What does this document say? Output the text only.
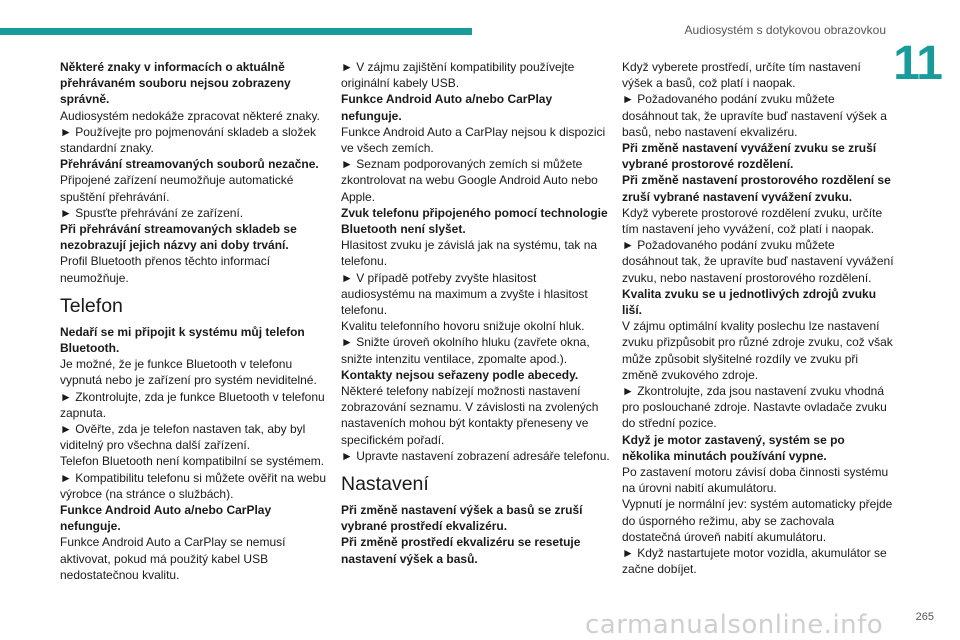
Audiosystém s dotykovou obrazovkou
11

Některé znaky v informacích o aktuálně přehrávaném souboru nejsou zobrazeny správně.

Audiosystém nedokáže zpracovat některé znaky.

► Používejte pro pojmenování skladeb a složek standardní znaky.

Přehrávání streamovaných souborů nezačne.

Připojené zařízení neumožňuje automatické spuštění přehrávání.

► Spusťte přehrávání ze zařízení.

Při přehrávání streamovaných skladeb se nezobrazují jejich názvy ani doby trvání.

Profil Bluetooth přenos těchto informací neumožňuje.

Telefon

Nedaří se mi připojit k systému můj telefon Bluetooth.

Je možné, že je funkce Bluetooth v telefonu vypnutá nebo je zařízení pro systém neviditelné.

► Zkontrolujte, zda je funkce Bluetooth v telefonu zapnuta.

► Ověřte, zda je telefon nastaven tak, aby byl viditelný pro všechna další zařízení.

Telefon Bluetooth není kompatibilní se systémem.

► Kompatibilitu telefonu si můžete ověřit na webu výrobce (na stránce o službách).

Funkce Android Auto a/nebo CarPlay nefunguje.

Funkce Android Auto a CarPlay se nemusí aktivovat, pokud má použitý kabel USB nedostatečnou kvalitu.

► V zájmu zajištění kompatibility používejte originální kabely USB.

Funkce Android Auto a/nebo CarPlay nefunguje.

Funkce Android Auto a CarPlay nejsou k dispozici ve všech zemích.

► Seznam podporovaných zemích si můžete zkontrolovat na webu Google Android Auto nebo Apple.

Zvuk telefonu připojeného pomocí technologie Bluetooth není slyšet.

Hlasitost zvuku je závislá jak na systému, tak na telefonu.

► V případě potřeby zvyšte hlasitost audiosystému na maximum a zvyšte i hlasitost telefonu.

Kvalitu telefonního hovoru snižuje okolní hluk.

► Snižte úroveň okolního hluku (zavřete okna, snižte intenzitu ventilace, zpomalte apod.).

Kontakty nejsou seřazeny podle abecedy.

Některé telefony nabízejí možnosti nastavení zobrazování seznamu. V závislosti na zvolených nastaveních mohou být kontakty přeneseny ve specifickém pořadí.

► Upravte nastavení zobrazení adresáře telefonu.

Nastavení

Při změně nastavení výšek a basů se zruší vybrané prostředí ekvalizéru.

Při změně prostředí ekvalizéru se resetuje nastavení výšek a basů.

Když vyberete prostředí, určíte tím nastavení výšek a basů, což platí i naopak.

► Požadovaného podání zvuku můžete dosáhnout tak, že upravíte buď nastavení výšek a basů, nebo nastavení ekvalizéru.

Při změně nastavení vyvážení zvuku se zruší vybrané prostorové rozdělení.

Při změně nastavení prostorového rozdělení se zruší vybrané nastavení vyvážení zvuku.

Když vyberete prostorové rozdělení zvuku, určíte tím nastavení jeho vyvážení, což platí i naopak.

► Požadovaného podání zvuku můžete dosáhnout tak, že upravíte buď nastavení vyvážení zvuku, nebo nastavení prostorového rozdělení.

Kvalita zvuku se u jednotlivých zdrojů zvuku liší.

V zájmu optimální kvality poslechu lze nastavení zvuku přizpůsobit pro různé zdroje zvuku, což však může způsobit slyšitelné rozdíly ve zvuku při změně zvukového zdroje.

► Zkontrolujte, zda jsou nastavení zvuku vhodná pro poslouchané zdroje. Nastavte ovladače zvuku do střední pozice.

Když je motor zastavený, systém se po několika minutách používání vypne.

Po zastavení motoru závisí doba činnosti systému na úrovni nabití akumulátoru.

Vypnutí je normální jev: systém automaticky přejde do úsporného režimu, aby se zachovala dostatečná úroveň nabití akumulátoru.

► Když nastartujete motor vozidla, akumulátor se začne dobíjet.

carmanualsonline.info	265
